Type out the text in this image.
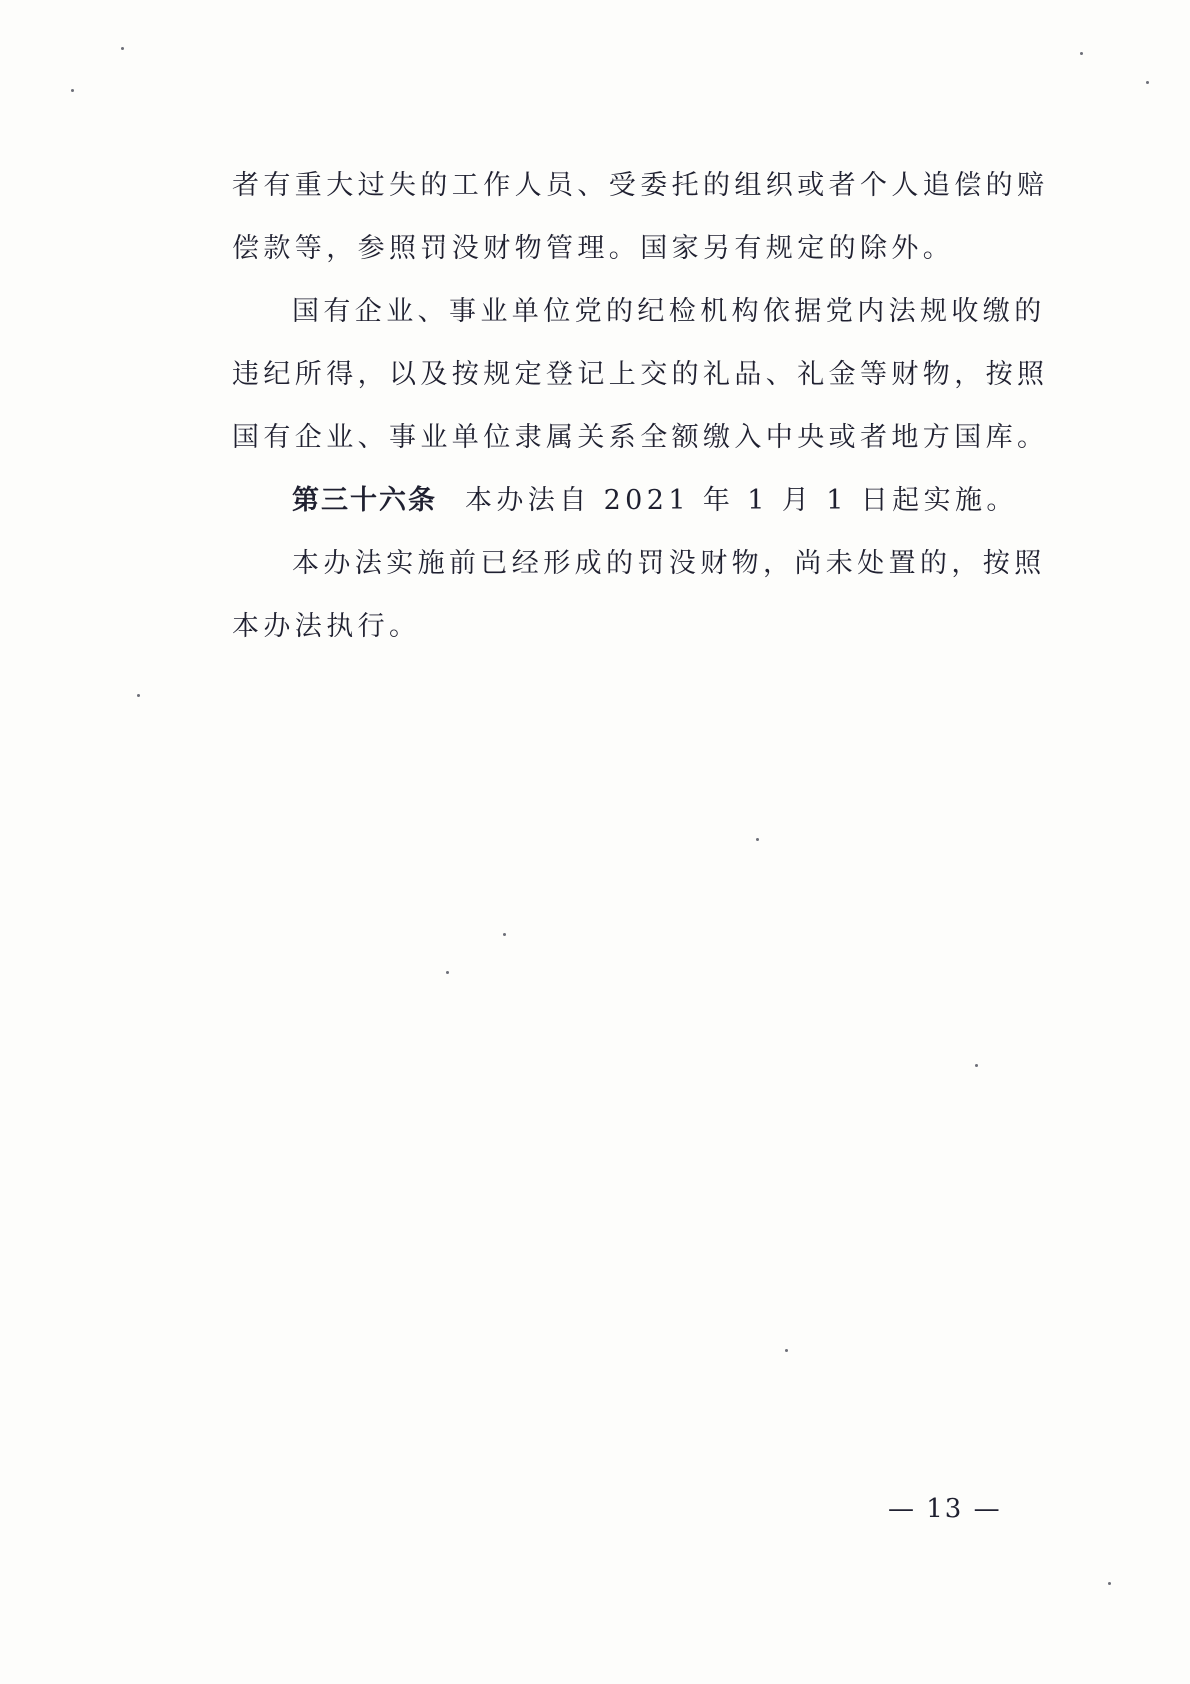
者有重大过失的工作人员、受委托的组织或者个人追偿的赔
偿款等，参照罚没财物管理。国家另有规定的除外。
国有企业、事业单位党的纪检机构依据党内法规收缴的
违纪所得，以及按规定登记上交的礼品、礼金等财物，按照
国有企业、事业单位隶属关系全额缴入中央或者地方国库。
第三十六条 本办法自 2021 年 1 月 1 日起实施。
本办法实施前已经形成的罚没财物，尚未处置的，按照
本办法执行。
— 13 —
